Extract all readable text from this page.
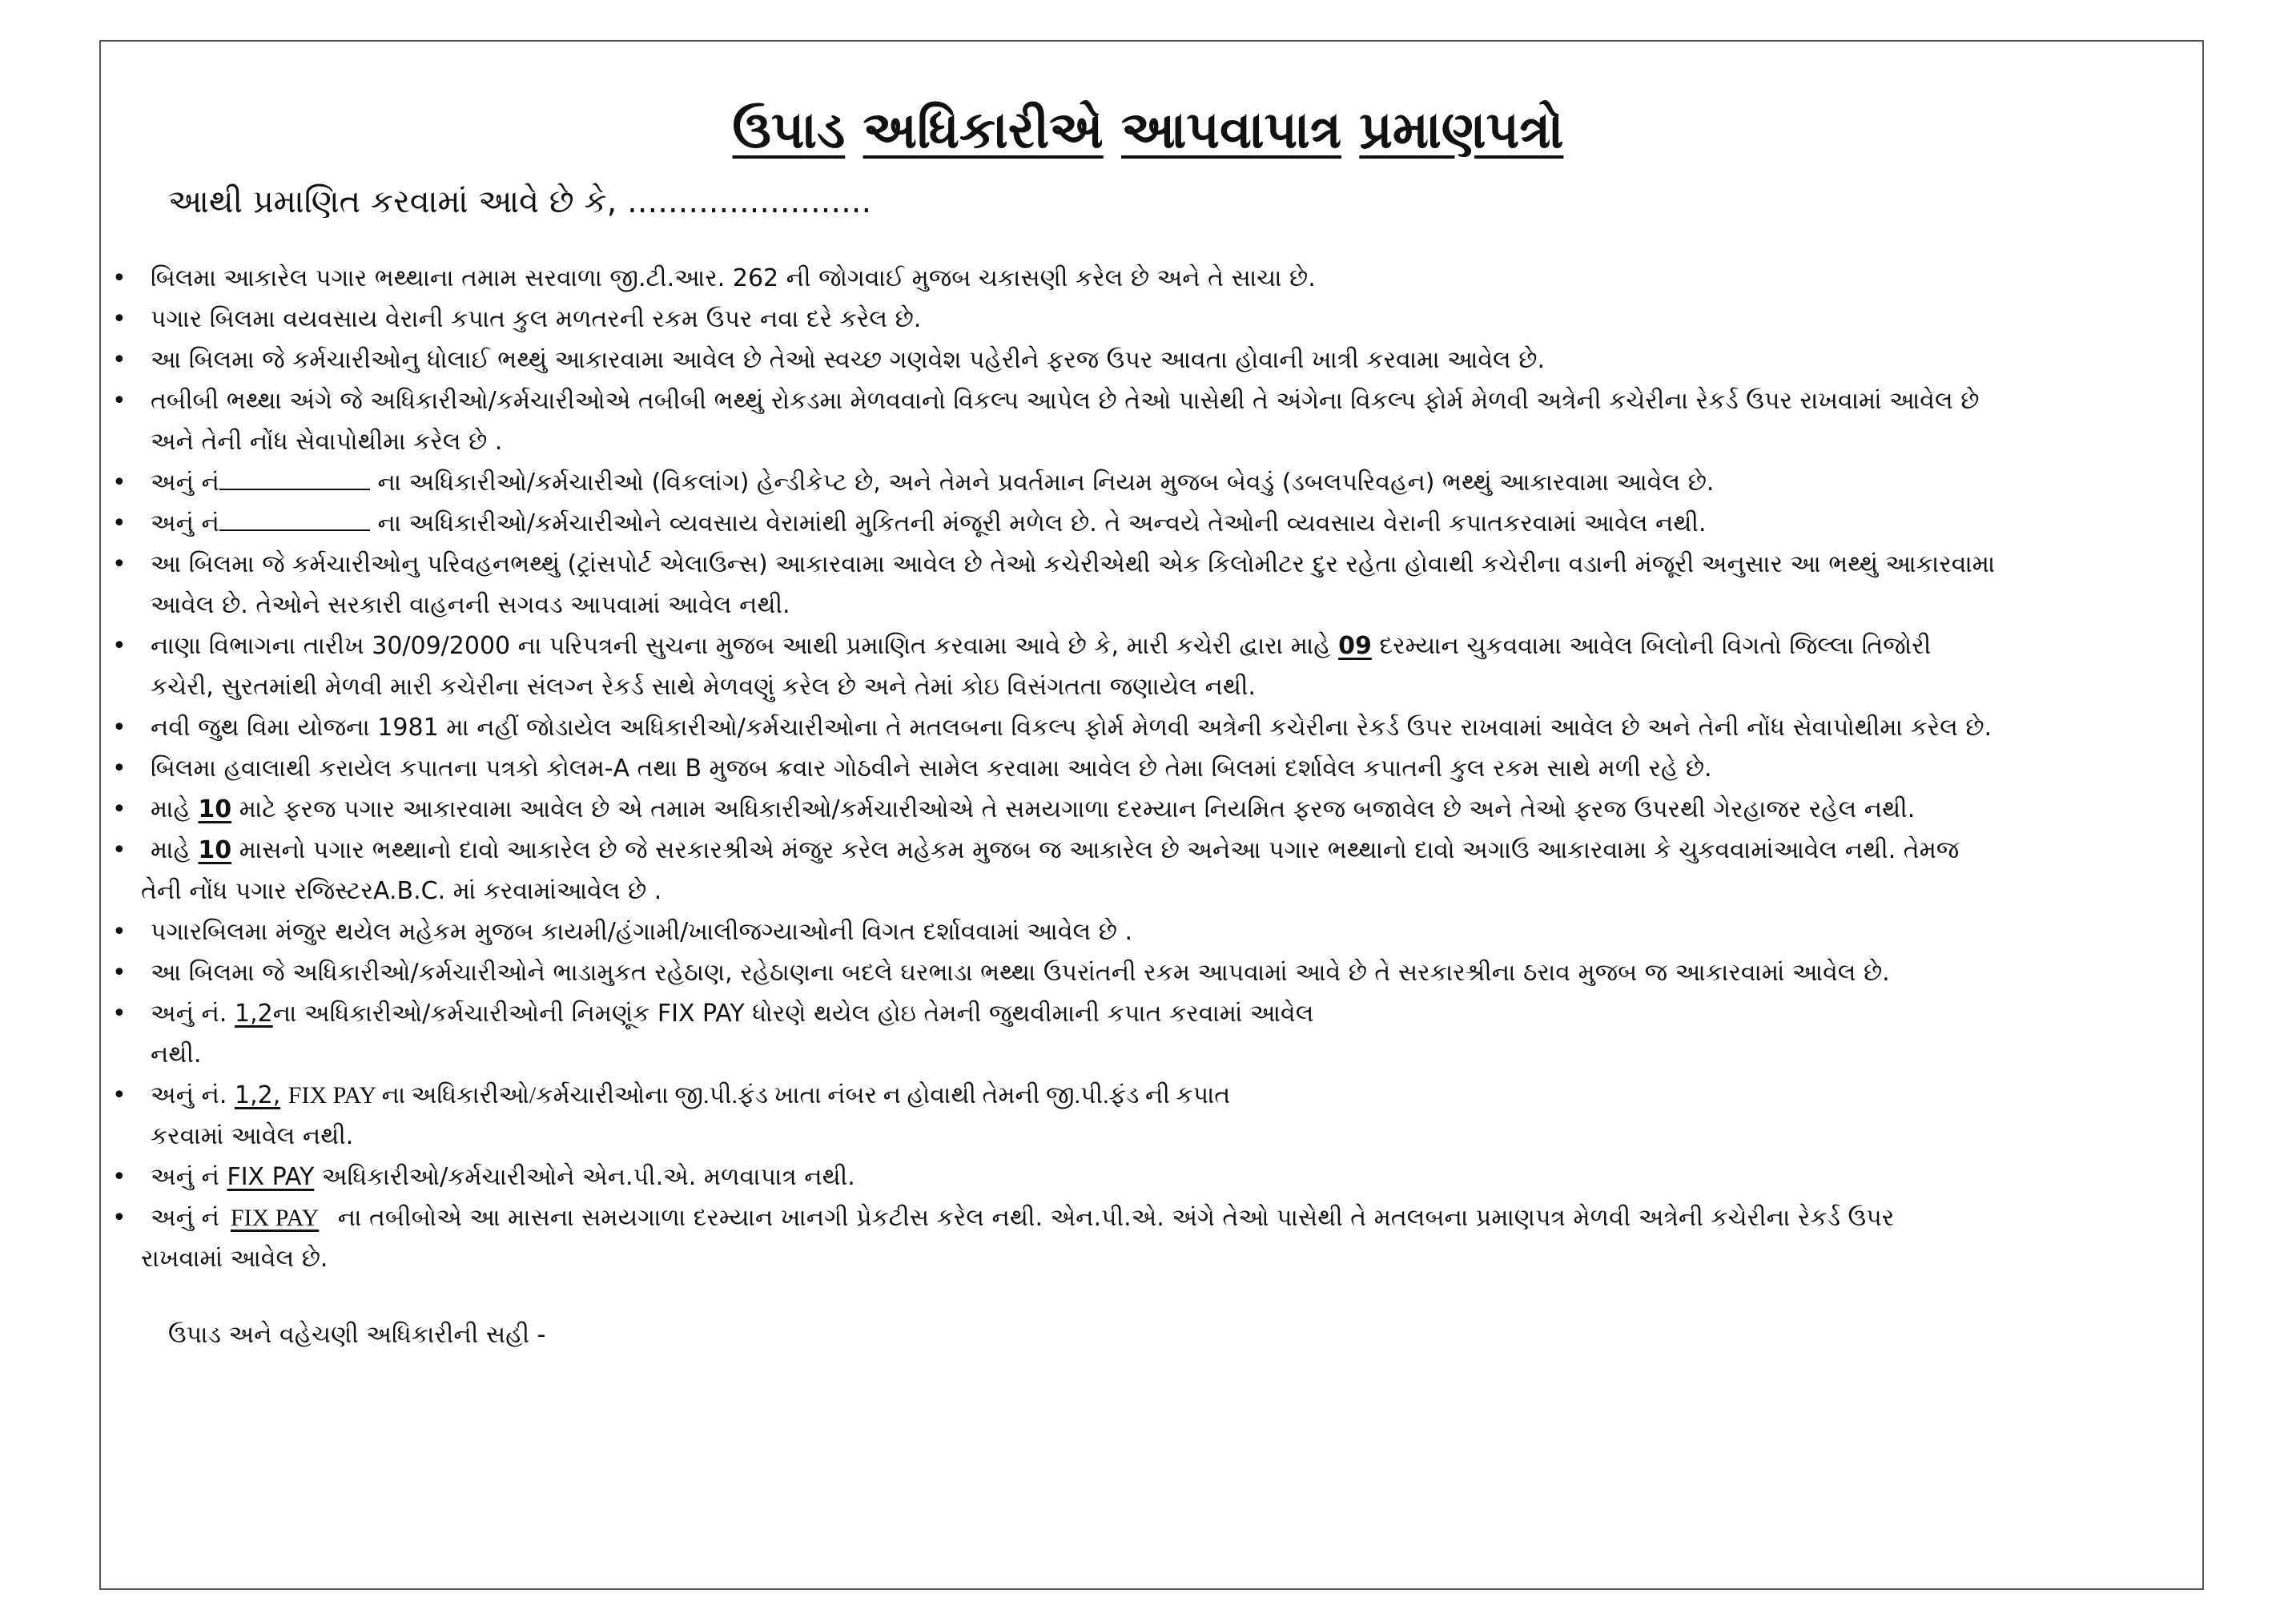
ઉપાડ અધિકારીએ આપવાપાત્ર પ્રમાણપત્રો
આથી પ્રમાણિત કરવામાં આવે છે કે, ........................
• બિલમા આકારેલ પગાર ભથ્થાના તમામ સરવાળા જી.ટી.આર. 262 ની જોગવાઈ મુજબ ચકાસણી કરેલ છે અને તે સાચા છે.
• પગાર બિલમા વયવસાય વેરાની કપાત કુલ મળતરની રકમ ઉપર નવા દરે કરેલ છે.
• આ બિલમા જે કર્મચારીઓનુ ધોલાઈ ભથ્થું આકારવામા આવેલ છે તેઓ સ્વચ્છ ગણવેશ પહેરીને ફરજ ઉપર આવતા હોવાની ખાત્રી કરવામા આવેલ છે.
• તબીબી ભથ્થા અંગે જે અધિકારીઓ/કર્મચારીઓએ તબીબી ભથ્થું રોકડમા મેળવવાનો વિકલ્પ આપેલ છે તેઓ પાસેથી તે અંગેના વિકલ્પ ફોર્મ મેળવી અત્રેની કચેરીના રેકર્ડ ઉપર રાખવામાં આવેલ છે
અને તેની નોંધ સેવાપોથીમા કરેલ છે .
• અનું નં	ના અધિકારીઓ/કર્મચારીઓ (વિકલાંગ) હેન્ડીકેપ્ટ છે, અને તેમને પ્રવર્તમાન નિયમ મુજબ બેવડું (ડબલપરિવહન) ભથ્થું આકારવામા આવેલ છે.
• અનું નં	ના અધિકારીઓ/કર્મચારીઓને વ્યવસાય વેરામાંથી મુકિતની મંજૂરી મળેલ છે. તે અન્વયે તેઓની વ્યવસાય વેરાની કપાતકરવામાં આવેલ નથી.
• આ બિલમા જે કર્મચારીઓનુ પરિવહનભથ્થું (ટ્રાંસપોર્ટ એલાઉન્સ) આકારવામા આવેલ છે તેઓ કચેરીએથી એક કિલોમીટર દુર રહેતા હોવાથી કચેરીના વડાની મંજૂરી અનુસાર આ ભથ્થું આકારવામા
આવેલ છે. તેઓને સરકારી વાહનની સગવડ આપવામાં આવેલ નથી.
• નાણા વિભાગના તારીખ 30/09/2000 ના પરિપત્રની સુચના મુજબ આથી પ્રમાણિત કરવામા આવે છે કે, મારી કચેરી દ્વારા માહે 09 દરમ્યાન ચુકવવામા આવેલ બિલોની વિગતો જિલ્લા તિજોરી
કચેરી, સુરતમાંથી મેળવી મારી કચેરીના સંલગ્ન રેકર્ડ સાથે મેળવણું કરેલ છે અને તેમાં કોઇ વિસંગતતા જણાયેલ નથી.
• નવી જુથ વિમા યોજના 1981 મા નહીં જોડાયેલ અધિકારીઓ/કર્મચારીઓના તે મતલબના વિકલ્પ ફોર્મ મેળવી અત્રેની કચેરીના રેકર્ડ ઉપર રાખવામાં આવેલ છે અને તેની નોંધ સેવાપોથીમા કરેલ છે.
• બિલમા હવાલાથી કરાયેલ કપાતના પત્રકો કોલમ-A તથા B મુજબ ક્રવાર ગોઠવીને સામેલ કરવામા આવેલ છે તેમા બિલમાં દર્શાવેલ કપાતની કુલ રકમ સાથે મળી રહે છે.
• માહે 10 માટે ફરજ પગાર આકારવામા આવેલ છે એ તમામ અધિકારીઓ/કર્મચારીઓએ તે સમયગાળા દરમ્યાન નિયમિત ફરજ બજાવેલ છે અને તેઓ ફરજ ઉપરથી ગેરહાજર રહેલ નથી.
• માહે 10 માસનો પગાર ભથ્થાનો દાવો આકારેલ છે જે સરકારશ્રીએ મંજુર કરેલ મહેકમ મુજબ જ આકારેલ છે અનેઆ પગાર ભથ્થાનો દાવો અગાઉ આકારવામા કે ચુકવવામાંઆવેલ નથી. તેમજ
તેની નોંધ પગાર રજિસ્ટરA.B.C. માં કરવામાંઆવેલ છે .
• પગારબિલમા મંજુર થયેલ મહેકમ મુજબ કાયમી/હંગામી/ખાલીજગ્યાઓની વિગત દર્શાવવામાં આવેલ છે .
• આ બિલમા જે અધિકારીઓ/કર્મચારીઓને ભાડામુકત રહેઠાણ, રહેઠાણના બદલે ઘરભાડા ભથ્થા ઉપરાંતની રકમ આપવામાં આવે છે તે સરકારશ્રીના ઠરાવ મુજબ જ આકારવામાં આવેલ છે.
• અનું નં. 1,2ના અધિકારીઓ/કર્મચારીઓની નિમણૂંક FIX PAY ધોરણે થયેલ હોઇ તેમની જુથવીમાની કપાત કરવામાં આવેલ
નથી.
• અનું નં. 1,2, FIX PAY ના અધિકારીઓ/કર્મચારીઓના જી.પી.ફંડ ખાતા નંબર ન હોવાથી તેમની જી.પી.ફંડ ની કપાત
કરવામાં આવેલ નથી.
• અનું નં FIX PAY અધિકારીઓ/કર્મચારીઓને એન.પી.એ. મળવાપાત્ર નથી.
• અનું નં FIX PAY ના તબીબોએ આ માસના સમયગાળા દરમ્યાન ખાનગી પ્રેકટીસ કરેલ નથી. એન.પી.એ. અંગે તેઓ પાસેથી તે મતલબના પ્રમાણપત્ર મેળવી અત્રેની કચેરીના રેકર્ડ ઉપર
રાખવામાં આવેલ છે.
ઉપાડ અને વહેચણી અધિકારીની સહી -
